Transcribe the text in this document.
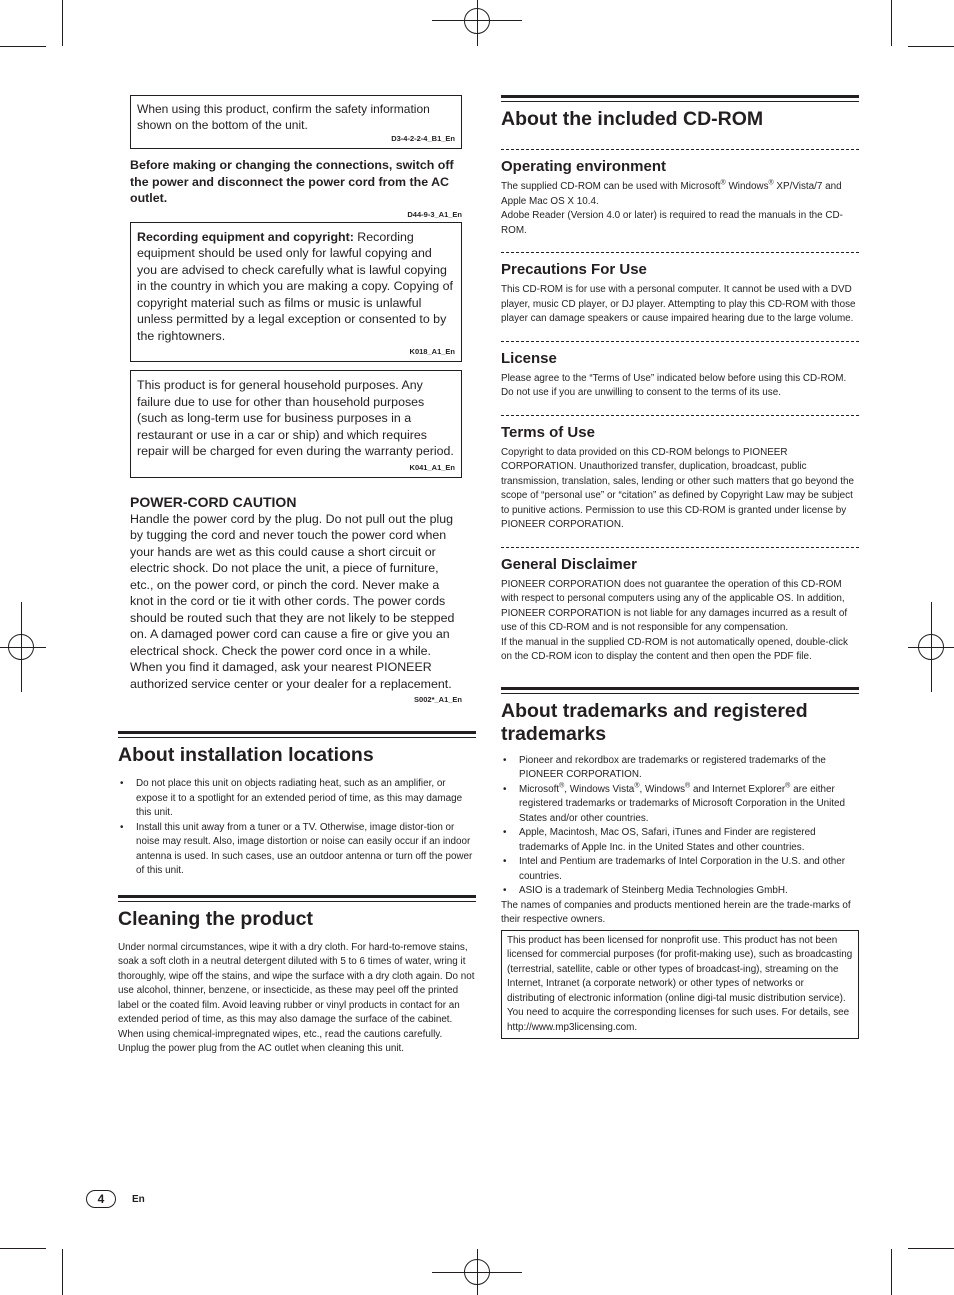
When using this product, confirm the safety information shown on the bottom of the unit.
D3-4-2-2-4_B1_En
Before making or changing the connections, switch off the power and disconnect the power cord from the AC outlet.
D44-9-3_A1_En
Recording equipment and copyright: Recording equipment should be used only for lawful copying and you are advised to check carefully what is lawful copying in the country in which you are making a copy. Copying of copyright material such as films or music is unlawful unless permitted by a legal exception or consented to by the rightowners.
K018_A1_En
This product is for general household purposes. Any failure due to use for other than household purposes (such as long-term use for business purposes in a restaurant or use in a car or ship) and which requires repair will be charged for even during the warranty period.
K041_A1_En
POWER-CORD CAUTION
Handle the power cord by the plug. Do not pull out the plug by tugging the cord and never touch the power cord when your hands are wet as this could cause a short circuit or electric shock. Do not place the unit, a piece of furniture, etc., on the power cord, or pinch the cord. Never make a knot in the cord or tie it with other cords. The power cords should be routed such that they are not likely to be stepped on. A damaged power cord can cause a fire or give you an electrical shock. Check the power cord once in a while. When you find it damaged, ask your nearest PIONEER authorized service center or your dealer for a replacement.
S002*_A1_En
About installation locations
• Do not place this unit on objects radiating heat, such as an amplifier, or expose it to a spotlight for an extended period of time, as this may damage this unit.
• Install this unit away from a tuner or a TV. Otherwise, image distor-tion or noise may result. Also, image distortion or noise can easily occur if an indoor antenna is used. In such cases, use an outdoor antenna or turn off the power of this unit.
Cleaning the product
Under normal circumstances, wipe it with a dry cloth. For hard-to-remove stains, soak a soft cloth in a neutral detergent diluted with 5 to 6 times of water, wring it thoroughly, wipe off the stains, and wipe the surface with a dry cloth again. Do not use alcohol, thinner, benzene, or insecticide, as these may peel off the printed label or the coated film. Avoid leaving rubber or vinyl products in contact for an extended period of time, as this may also damage the surface of the cabinet. When using chemical-impregnated wipes, etc., read the cautions carefully.
Unplug the power plug from the AC outlet when cleaning this unit.
About the included CD-ROM
Operating environment
The supplied CD-ROM can be used with Microsoft® Windows® XP/Vista/7 and Apple Mac OS X 10.4.
Adobe Reader (Version 4.0 or later) is required to read the manuals in the CD-ROM.
Precautions For Use
This CD-ROM is for use with a personal computer. It cannot be used with a DVD player, music CD player, or DJ player. Attempting to play this CD-ROM with those player can damage speakers or cause impaired hearing due to the large volume.
License
Please agree to the “Terms of Use” indicated below before using this CD-ROM. Do not use if you are unwilling to consent to the terms of its use.
Terms of Use
Copyright to data provided on this CD-ROM belongs to PIONEER CORPORATION. Unauthorized transfer, duplication, broadcast, public transmission, translation, sales, lending or other such matters that go beyond the scope of “personal use” or “citation” as defined by Copyright Law may be subject to punitive actions. Permission to use this CD-ROM is granted under license by PIONEER CORPORATION.
General Disclaimer
PIONEER CORPORATION does not guarantee the operation of this CD-ROM with respect to personal computers using any of the applicable OS. In addition, PIONEER CORPORATION is not liable for any damages incurred as a result of use of this CD-ROM and is not responsible for any compensation.
If the manual in the supplied CD-ROM is not automatically opened, double-click on the CD-ROM icon to display the content and then open the PDF file.
About trademarks and registered trademarks
• Pioneer and rekordbox are trademarks or registered trademarks of the PIONEER CORPORATION.
• Microsoft®, Windows Vista®, Windows® and Internet Explorer® are either registered trademarks or trademarks of Microsoft Corporation in the United States and/or other countries.
• Apple, Macintosh, Mac OS, Safari, iTunes and Finder are registered trademarks of Apple Inc. in the United States and other countries.
• Intel and Pentium are trademarks of Intel Corporation in the U.S. and other countries.
• ASIO is a trademark of Steinberg Media Technologies GmbH.
The names of companies and products mentioned herein are the trade-marks of their respective owners.
This product has been licensed for nonprofit use. This product has not been licensed for commercial purposes (for profit-making use), such as broadcasting (terrestrial, satellite, cable or other types of broadcast-ing), streaming on the Internet, Intranet (a corporate network) or other types of networks or distributing of electronic information (online digi-tal music distribution service). You need to acquire the corresponding licenses for such uses. For details, see http://www.mp3licensing.com.
4	En
